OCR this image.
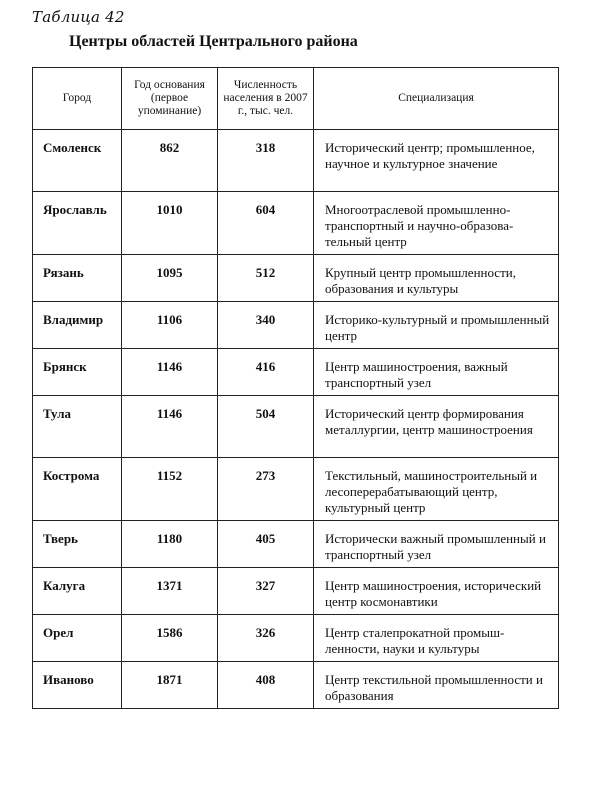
Таблица 42
Центры областей Центрального района
Город	Год основания (первое упоминание)	Численность населения в 2007 г., тыс. чел.	Специализация
Смоленск	862	318	Исторический центр; промышленное, научное и культурное значение
Ярославль	1010	604	Многоотраслевой промышленно-транспортный и научно-образовательный центр
Рязань	1095	512	Крупный центр промышленности, образования и культуры
Владимир	1106	340	Историко-культурный и промышленный центр
Брянск	1146	416	Центр машиностроения, важный транспортный узел
Тула	1146	504	Исторический центр формирования металлургии, центр машиностроения
Кострома	1152	273	Текстильный, машиностроительный и лесоперерабатывающий центр, культурный центр
Тверь	1180	405	Исторически важный промышленный и транспортный узел
Калуга	1371	327	Центр машиностроения, исторический центр космонавтики
Орел	1586	326	Центр сталепрокатной промышленности, науки и культуры
Иваново	1871	408	Центр текстильной промышленности и образования
